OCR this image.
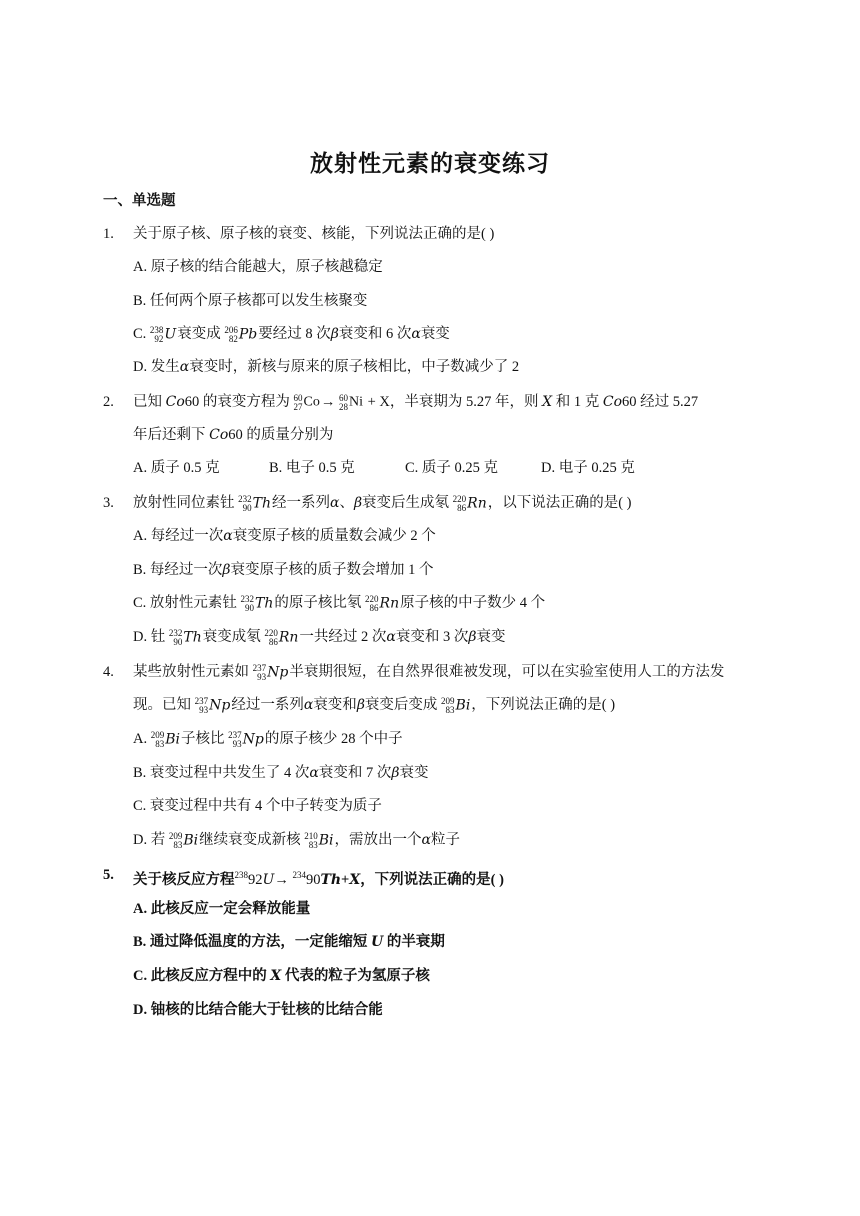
放射性元素的衰变练习
一、单选题
1. 关于原子核、原子核的衰变、核能，下列说法正确的是( )
A. 原子核的结合能越大，原子核越稳定
B. 任何两个原子核都可以发生核聚变
C. 238
92 U衰变成 206
82 Pb要经过 8 次β衰变和 6 次α衰变
D. 发生α衰变时，新核与原来的原子核相比，中子数减少了 2
2. 已知 Co60 的衰变方程为 60
27 Co→ 60
28 Ni + X，半衰期为 5.27 年，则 X 和 1 克 Co60 经过 5.27
年后还剩下 Co60 的质量分别为
A. 质子 0.5 克	B. 电子 0.5 克	C. 质子 0.25 克	D. 电子 0.25 克
3. 放射性同位素钍 232
90 Th经一系列α、β衰变后生成氡 220
86 Rn，以下说法正确的是( )
A. 每经过一次α衰变原子核的质量数会减少 2 个
B. 每经过一次β衰变原子核的质子数会增加 1 个
C. 放射性元素钍 232
90 Th的原子核比氡 220
86 Rn原子核的中子数少 4 个
D. 钍 232
90 Th衰变成氡 220
86 Rn一共经过 2 次α衰变和 3 次β衰变
4. 某些放射性元素如 237
93 Np半衰期很短，在自然界很难被发现，可以在实验室使用人工的方法发
现。已知 237
93 Np经过一系列α衰变和β衰变后变成 209
83 Bi，下列说法正确的是( )
A. 209
83 Bi子核比 237
93 Np的原子核少 28 个中子
B. 衰变过程中共发生了 4 次α衰变和 7 次β衰变
C. 衰变过程中共有 4 个中子转变为质子
D. 若 209
83 Bi继续衰变成新核 210
83 Bi，需放出一个α粒子
5. 关于核反应方程$^{238}$92U→ $^{234}$90Th+X，下列说法正确的是( )
A. 此核反应一定会释放能量
B. 通过降低温度的方法，一定能缩短 U 的半衰期
C. 此核反应方程中的 X 代表的粒子为氢原子核
D. 铀核的比结合能大于钍核的比结合能
